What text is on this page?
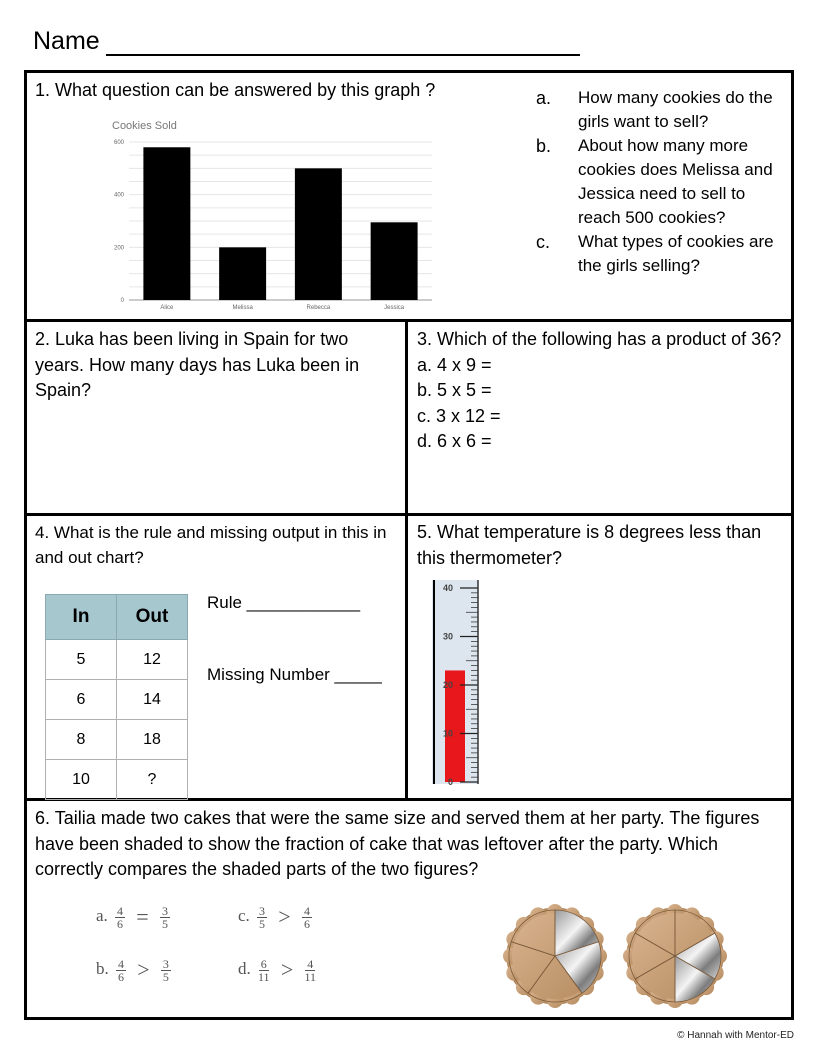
Name
1. What question can be answered by this graph ?
Cookies Sold
0
200
400
600
Alice	Melissa	Rebecca	Jessica
a.	How many cookies do the girls want to sell?
b.	About how many more cookies does Melissa and Jessica need to sell to reach 500 cookies?
c.	What types of cookies are the girls selling?
2. Luka has been living in Spain for two years. How many days has Luka been in Spain?
3. Which of the following has a product of 36?
a. 4 x 9 =
b. 5 x 5 =
c. 3 x 12 =
d. 6 x 6 =
4. What is the rule and missing output in this in and out chart?
In	Out
5	12
6	14
8	18
10	?
Rule ____________
Missing Number _____
5. What temperature is 8 degrees less than this thermometer?
40
30
20
10
0
6. Tailia made two cakes that were the same size and served them at her party. The figures have been shaded to show the fraction of cake that was leftover after the party. Which correctly compares the shaded parts of the two figures?
a. $\frac{4}{6} = \frac{3}{5}$
b. $\frac{4}{6} > \frac{3}{5}$
c. $\frac{3}{5} > \frac{4}{6}$
d. $\frac{6}{11} > \frac{4}{11}$
© Hannah with Mentor-ED
